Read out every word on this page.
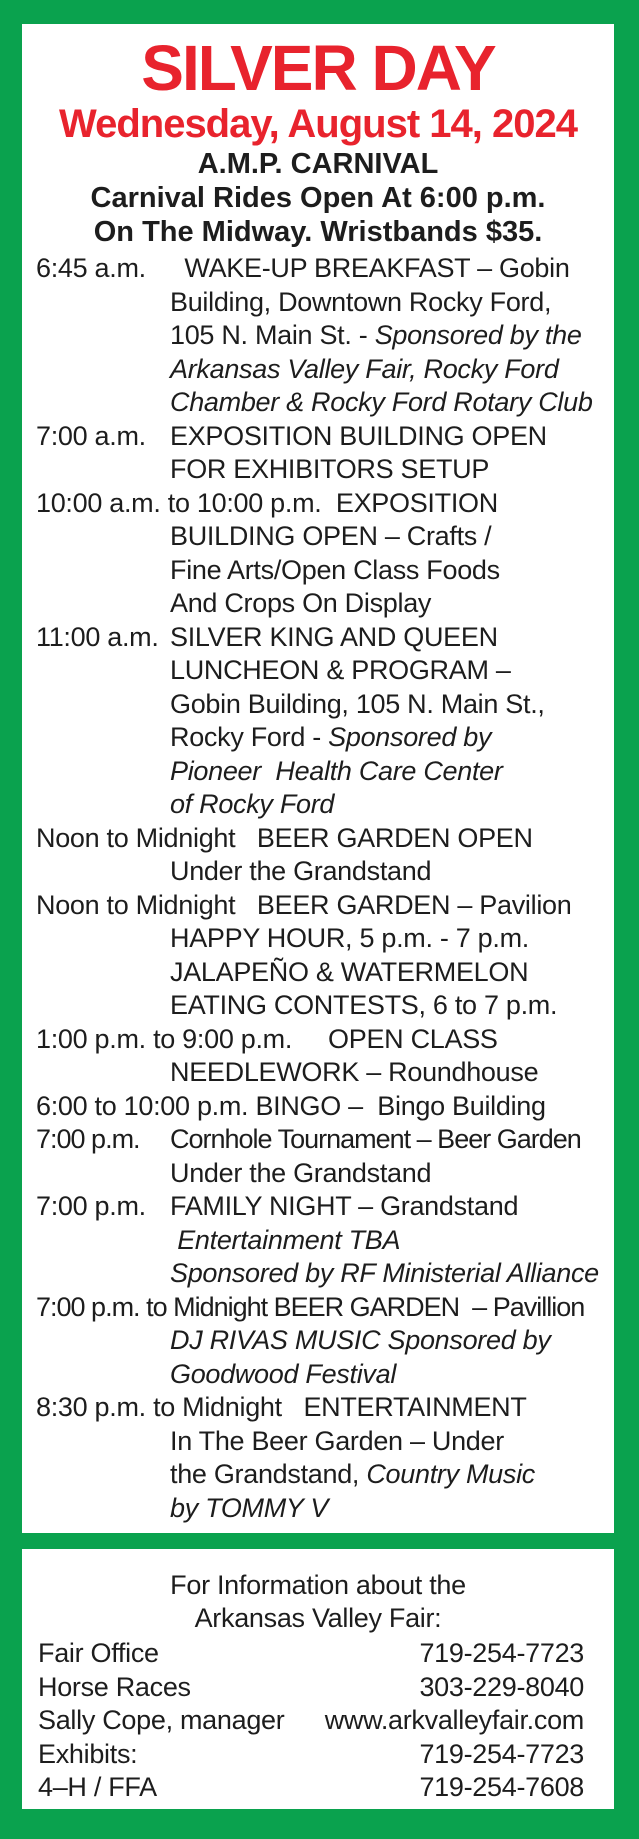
SILVER DAY
Wednesday, August 14, 2024
A.M.P. CARNIVAL
Carnival Rides Open At 6:00 p.m.
On The Midway. Wristbands $35.
6:45 a.m.  WAKE-UP BREAKFAST – Gobin
Building, Downtown Rocky Ford,
105 N. Main St. - Sponsored by the
Arkansas Valley Fair, Rocky Ford
Chamber & Rocky Ford Rotary Club
7:00 a.m. EXPOSITION BUILDING OPEN
FOR EXHIBITORS SETUP
10:00 a.m. to 10:00 p.m.  EXPOSITION
BUILDING OPEN – Crafts /
Fine Arts/Open Class Foods
And Crops On Display
11:00 a.m. SILVER KING AND QUEEN
LUNCHEON & PROGRAM –
Gobin Building, 105 N. Main St.,
Rocky Ford - Sponsored by
Pioneer  Health Care Center
of Rocky Ford
Noon to Midnight   BEER GARDEN OPEN
Under the Grandstand
Noon to Midnight   BEER GARDEN – Pavilion
HAPPY HOUR, 5 p.m. - 7 p.m.
JALAPEÑO & WATERMELON
EATING CONTESTS, 6 to 7 p.m.
1:00 p.m. to 9:00 p.m.     OPEN CLASS
NEEDLEWORK – Roundhouse
6:00 to 10:00 p.m. BINGO –  Bingo Building
7:00 p.m. Cornhole Tournament – Beer Garden
Under the Grandstand
7:00 p.m. FAMILY NIGHT – Grandstand
Entertainment TBA
Sponsored by RF Ministerial Alliance
7:00 p.m. to Midnight BEER GARDEN  – Pavillion
DJ RIVAS MUSIC Sponsored by
Goodwood Festival
8:30 p.m. to Midnight   ENTERTAINMENT
In The Beer Garden – Under
the Grandstand, Country Music
by TOMMY V
For Information about the
Arkansas Valley Fair:
Fair Office	719-254-7723
Horse Races	303-229-8040
Sally Cope, manager www.arkvalleyfair.com
Exhibits:	719-254-7723
4–H / FFA	719-254-7608
